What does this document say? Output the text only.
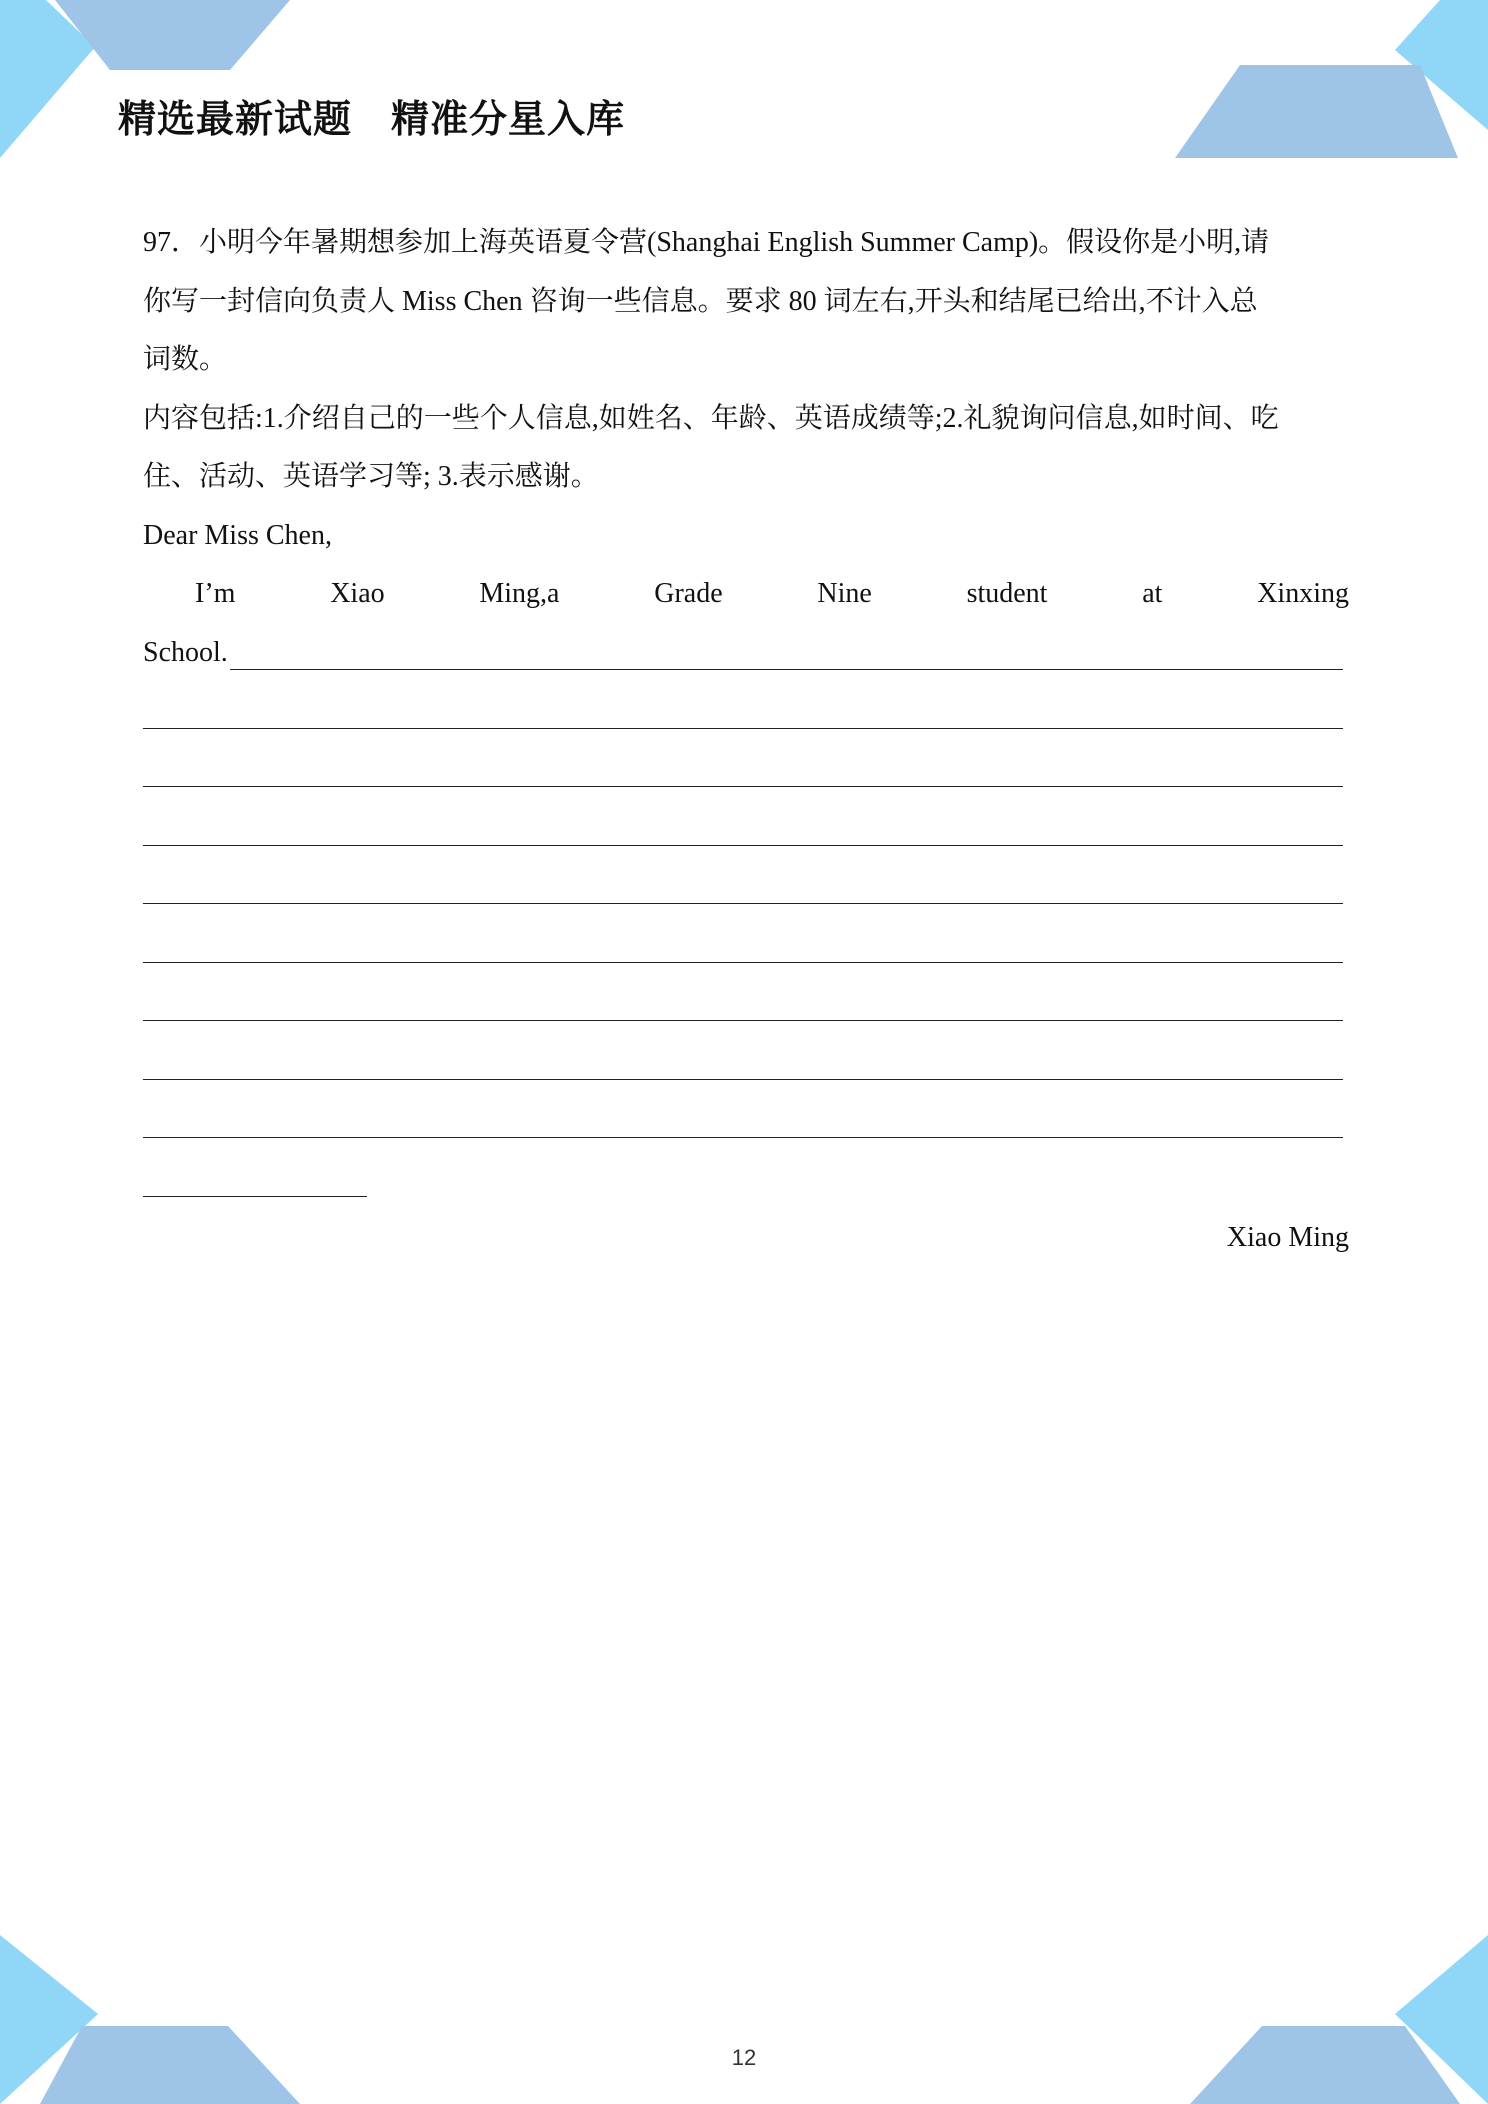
精选最新试题　精准分星入库

97．小明今年暑期想参加上海英语夏令营(Shanghai English Summer Camp)。假设你是小明,请
你写一封信向负责人 Miss Chen 咨询一些信息。要求 80 词左右,开头和结尾已给出,不计入总
词数。
内容包括:1.介绍自己的一些个人信息,如姓名、年龄、英语成绩等;2.礼貌询问信息,如时间、吃
住、活动、英语学习等; 3.表示感谢。

Dear Miss Chen,

I’m	Xiao	Ming,a	Grade	Nine	student	at	Xinxing
School.

Xiao Ming

12
